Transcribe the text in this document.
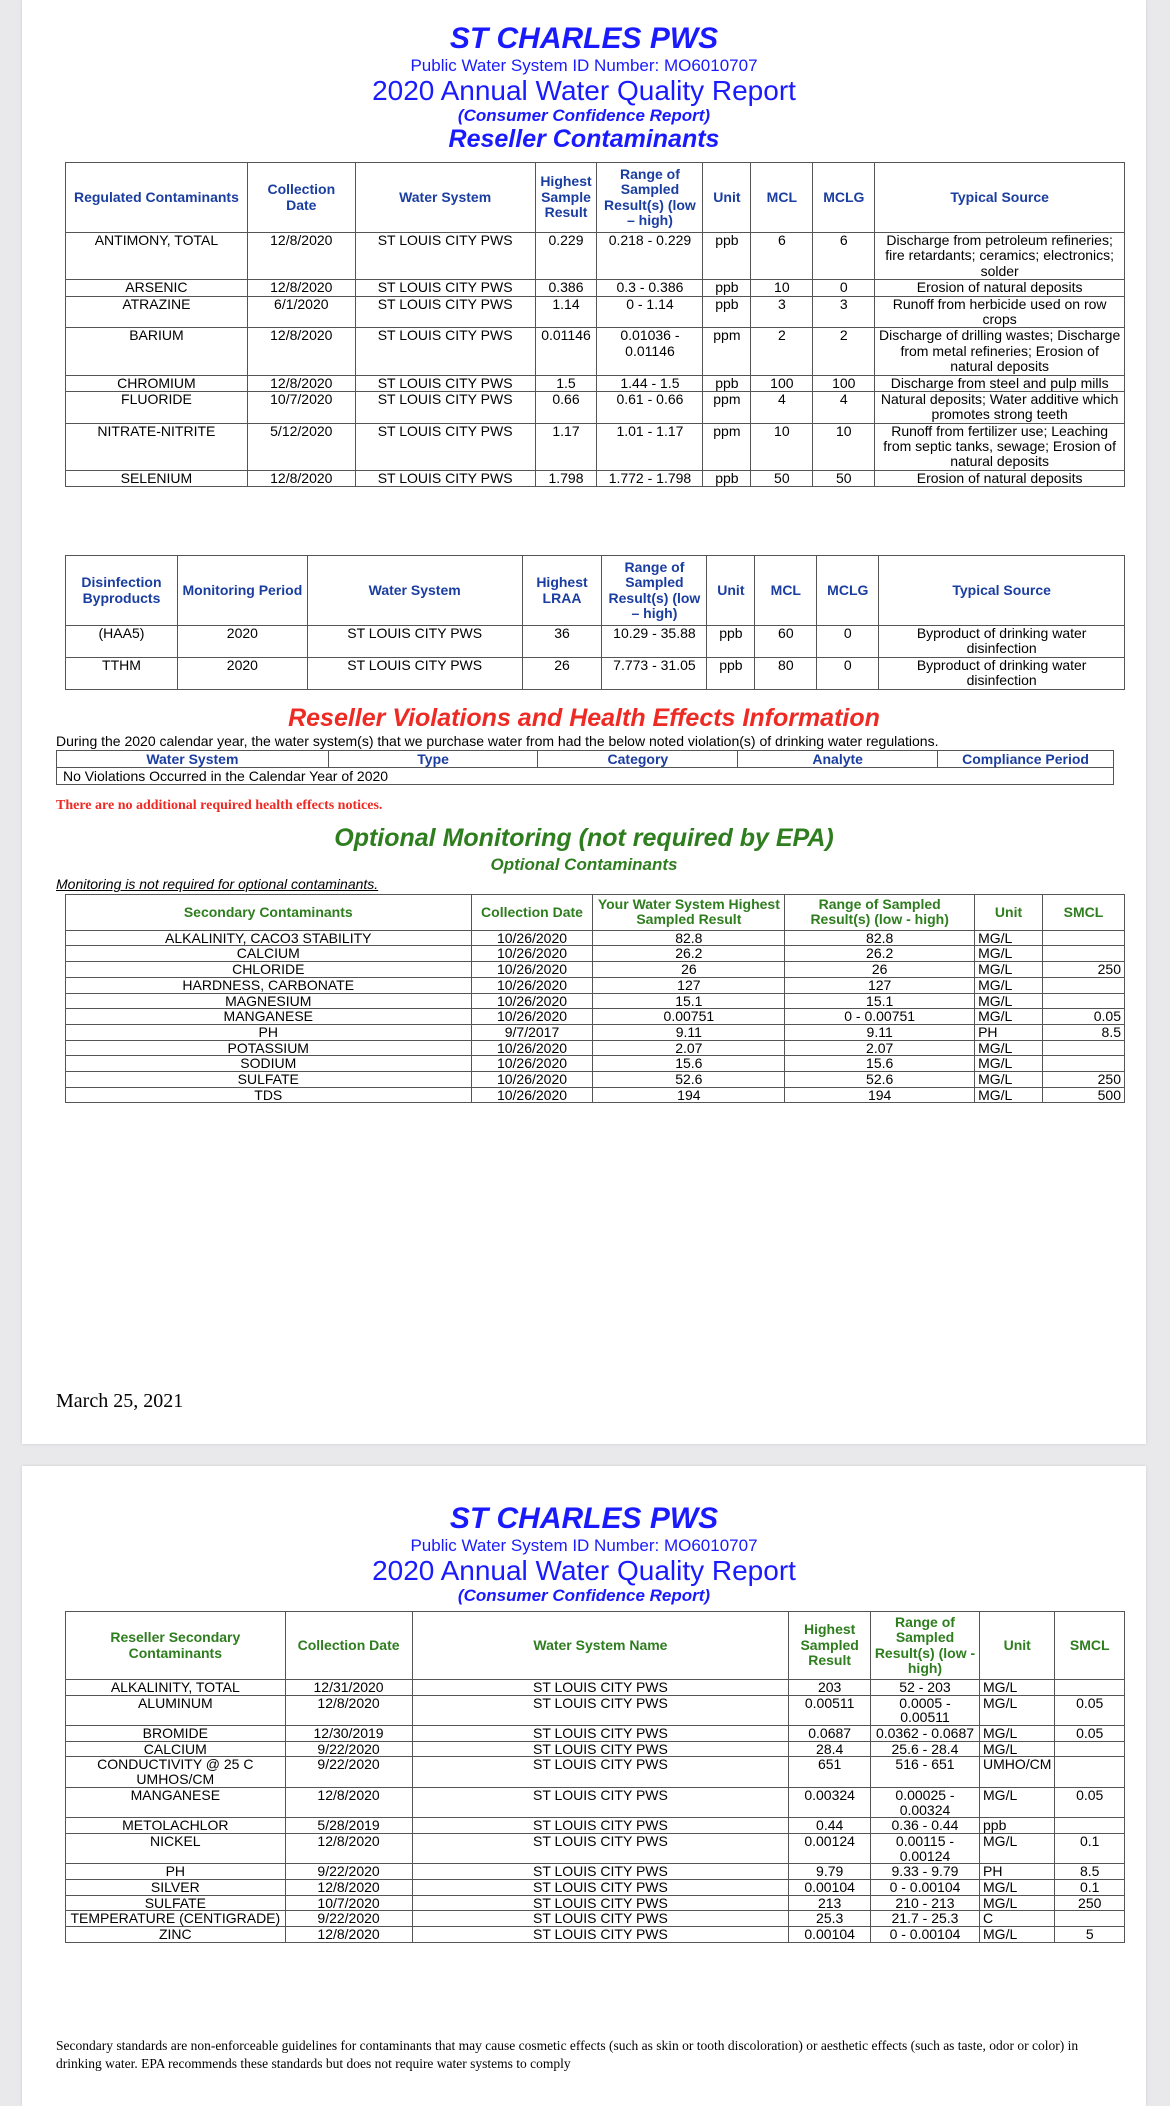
ST CHARLES PWS
Public Water System ID Number: MO6010707
2020 Annual Water Quality Report
(Consumer Confidence Report)
Reseller Contaminants
Regulated Contaminants	Collection Date	Water System	Highest Sample Result	Range of Sampled Result(s) (low – high)	Unit	MCL	MCLG	Typical Source
ANTIMONY, TOTAL	12/8/2020	ST LOUIS CITY PWS	0.229	0.218 - 0.229	ppb	6	6	Discharge from petroleum refineries; fire retardants; ceramics; electronics; solder
ARSENIC	12/8/2020	ST LOUIS CITY PWS	0.386	0.3 - 0.386	ppb	10	0	Erosion of natural deposits
ATRAZINE	6/1/2020	ST LOUIS CITY PWS	1.14	0 - 1.14	ppb	3	3	Runoff from herbicide used on row crops
BARIUM	12/8/2020	ST LOUIS CITY PWS	0.01146	0.01036 - 0.01146	ppm	2	2	Discharge of drilling wastes; Discharge from metal refineries; Erosion of natural deposits
CHROMIUM	12/8/2020	ST LOUIS CITY PWS	1.5	1.44 - 1.5	ppb	100	100	Discharge from steel and pulp mills
FLUORIDE	10/7/2020	ST LOUIS CITY PWS	0.66	0.61 - 0.66	ppm	4	4	Natural deposits; Water additive which promotes strong teeth
NITRATE-NITRITE	5/12/2020	ST LOUIS CITY PWS	1.17	1.01 - 1.17	ppm	10	10	Runoff from fertilizer use; Leaching from septic tanks, sewage; Erosion of natural deposits
SELENIUM	12/8/2020	ST LOUIS CITY PWS	1.798	1.772 - 1.798	ppb	50	50	Erosion of natural deposits
Disinfection Byproducts	Monitoring Period	Water System	Highest LRAA	Range of Sampled Result(s) (low – high)	Unit	MCL	MCLG	Typical Source
(HAA5)	2020	ST LOUIS CITY PWS	36	10.29 - 35.88	ppb	60	0	Byproduct of drinking water disinfection
TTHM	2020	ST LOUIS CITY PWS	26	7.773 - 31.05	ppb	80	0	Byproduct of drinking water disinfection
Reseller Violations and Health Effects Information
During the 2020 calendar year, the water system(s) that we purchase water from had the below noted violation(s) of drinking water regulations.
Water System	Type	Category	Analyte	Compliance Period
No Violations Occurred in the Calendar Year of 2020
There are no additional required health effects notices.
Optional Monitoring (not required by EPA)
Optional Contaminants
Monitoring is not required for optional contaminants.
Secondary Contaminants	Collection Date	Your Water System Highest Sampled Result	Range of Sampled Result(s) (low - high)	Unit	SMCL
ALKALINITY, CACO3 STABILITY	10/26/2020	82.8	82.8	MG/L	
CALCIUM	10/26/2020	26.2	26.2	MG/L	
CHLORIDE	10/26/2020	26	26	MG/L	250
HARDNESS, CARBONATE	10/26/2020	127	127	MG/L	
MAGNESIUM	10/26/2020	15.1	15.1	MG/L	
MANGANESE	10/26/2020	0.00751	0 - 0.00751	MG/L	0.05
PH	9/7/2017	9.11	9.11	PH	8.5
POTASSIUM	10/26/2020	2.07	2.07	MG/L	
SODIUM	10/26/2020	15.6	15.6	MG/L	
SULFATE	10/26/2020	52.6	52.6	MG/L	250
TDS	10/26/2020	194	194	MG/L	500
March 25, 2021
ST CHARLES PWS
Public Water System ID Number: MO6010707
2020 Annual Water Quality Report
(Consumer Confidence Report)
Reseller Secondary Contaminants	Collection Date	Water System Name	Highest Sampled Result	Range of Sampled Result(s) (low - high)	Unit	SMCL
ALKALINITY, TOTAL	12/31/2020	ST LOUIS CITY PWS	203	52 - 203	MG/L	
ALUMINUM	12/8/2020	ST LOUIS CITY PWS	0.00511	0.0005 - 0.00511	MG/L	0.05
BROMIDE	12/30/2019	ST LOUIS CITY PWS	0.0687	0.0362 - 0.0687	MG/L	0.05
CALCIUM	9/22/2020	ST LOUIS CITY PWS	28.4	25.6 - 28.4	MG/L	
CONDUCTIVITY @ 25 C UMHOS/CM	9/22/2020	ST LOUIS CITY PWS	651	516 - 651	UMHO/CM	
MANGANESE	12/8/2020	ST LOUIS CITY PWS	0.00324	0.00025 - 0.00324	MG/L	0.05
METOLACHLOR	5/28/2019	ST LOUIS CITY PWS	0.44	0.36 - 0.44	ppb	
NICKEL	12/8/2020	ST LOUIS CITY PWS	0.00124	0.00115 - 0.00124	MG/L	0.1
PH	9/22/2020	ST LOUIS CITY PWS	9.79	9.33 - 9.79	PH	8.5
SILVER	12/8/2020	ST LOUIS CITY PWS	0.00104	0 - 0.00104	MG/L	0.1
SULFATE	10/7/2020	ST LOUIS CITY PWS	213	210 - 213	MG/L	250
TEMPERATURE (CENTIGRADE)	9/22/2020	ST LOUIS CITY PWS	25.3	21.7 - 25.3	C	
ZINC	12/8/2020	ST LOUIS CITY PWS	0.00104	0 - 0.00104	MG/L	5
Secondary standards are non-enforceable guidelines for contaminants that may cause cosmetic effects (such as skin or tooth discoloration) or aesthetic effects (such as taste, odor or color) in drinking water. EPA recommends these standards but does not require water systems to comply
